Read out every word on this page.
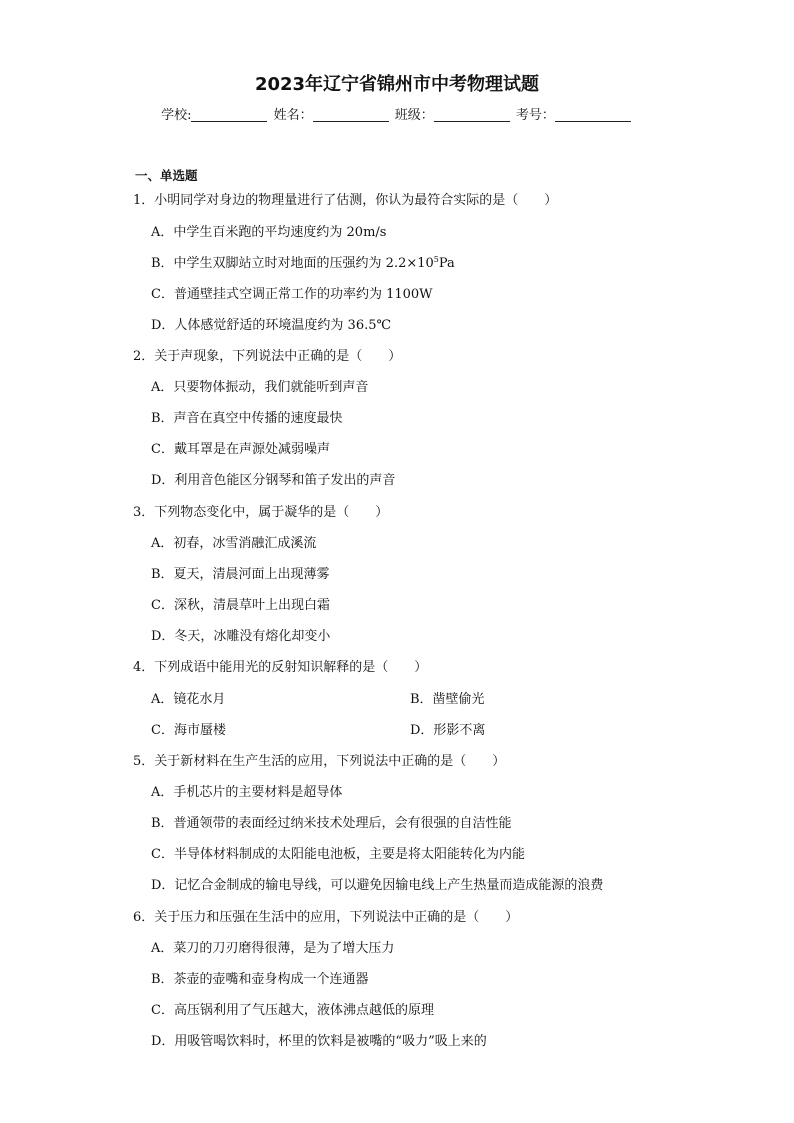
2023年辽宁省锦州市中考物理试题
学校:	姓名：	班级：	考号：
一、单选题
1．小明同学对身边的物理量进行了估测，你认为最符合实际的是（　　）
A．中学生百米跑的平均速度约为 20m/s
B．中学生双脚站立时对地面的压强约为 $2.2\times 10^5Pa$
C．普通壁挂式空调正常工作的功率约为 1100W
D．人体感觉舒适的环境温度约为 36.5℃
2．关于声现象，下列说法中正确的是（　　）
A．只要物体振动，我们就能听到声音
B．声音在真空中传播的速度最快
C．戴耳罩是在声源处减弱噪声
D．利用音色能区分钢琴和笛子发出的声音
3．下列物态变化中，属于凝华的是（　　）
A．初春，冰雪消融汇成溪流
B．夏天，清晨河面上出现薄雾
C．深秋，清晨草叶上出现白霜
D．冬天，冰雕没有熔化却变小
4．下列成语中能用光的反射知识解释的是（　　）
A．镜花水月	B．凿壁偷光
C．海市蜃楼	D．形影不离
5．关于新材料在生产生活的应用，下列说法中正确的是（　　）
A．手机芯片的主要材料是超导体
B．普通领带的表面经过纳米技术处理后，会有很强的自洁性能
C．半导体材料制成的太阳能电池板，主要是将太阳能转化为内能
D．记忆合金制成的输电导线，可以避免因输电线上产生热量而造成能源的浪费
6．关于压力和压强在生活中的应用，下列说法中正确的是（　　）
A．菜刀的刀刃磨得很薄，是为了增大压力
B．茶壶的壶嘴和壶身构成一个连通器
C．高压锅利用了气压越大，液体沸点越低的原理
D．用吸管喝饮料时，杯里的饮料是被嘴的“吸力”吸上来的
